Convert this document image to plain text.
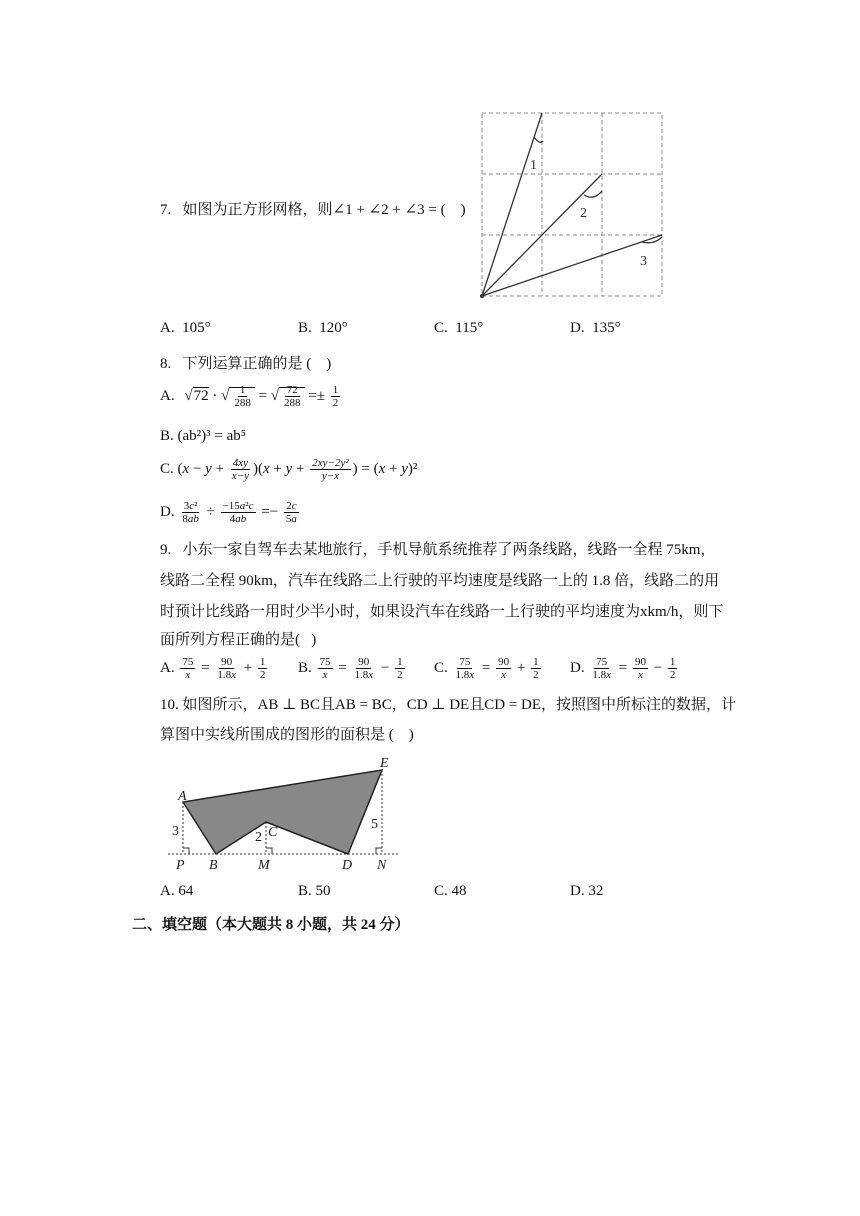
7.   如图为正方形网格，则∠1 + ∠2 + ∠3 = (    )
1
2
3
A.  105°	B.  120°	C.  115°	D.  135°
8.   下列运算正确的是 (    )
A. √72 · √ $\frac{1}{288}$ = √ $\frac{72}{288} =\pm \frac{1}{2}$
B. (ab²)³ = ab⁵
C. $(x - y + \frac{4xy}{x-y} )(x + y + \frac{\text{2xy−2y²}}{y-x}$ ) = (x + y)²
D. $\frac{\text{3c²}}{8ab} \div \frac{\text{−15a²c}}{4ab} =- \frac{2c}{5a}$
9.   小东一家自驾车去某地旅行，手机导航系统推荐了两条线路，线路一全程 75km，
线路二全程 90km，汽车在线路二上行驶的平均速度是线路一上的 1.8 倍，线路二的用
时预计比线路一用时少半小时，如果设汽车在线路一上行驶的平均速度为xkm/h，则下
面所列方程正确的是(   )
A. $\frac{75}{x} = \frac{90}{1.8x} + \frac{1}{2} B$. $\frac{75}{x} = \frac{90}{1.8x} - \frac{1}{2} C$. $\frac{75}{1.8x} = \frac{90}{x} + \frac{1}{2} D$. $\frac{75}{1.8x} = \frac{90}{x} - \frac{1}{2}$
10. 如图所示，AB ⊥ BC且AB = BC，CD ⊥ DE且CD = DE，按照图中所标注的数据，计
算图中实线所围成的图形的面积是 (    )
A
B
C
D
E
P	M	N
3	2
5
A. 64	B. 50	C. 48	D. 32
二、填空题（本大题共 8 小题，共 24 分）
